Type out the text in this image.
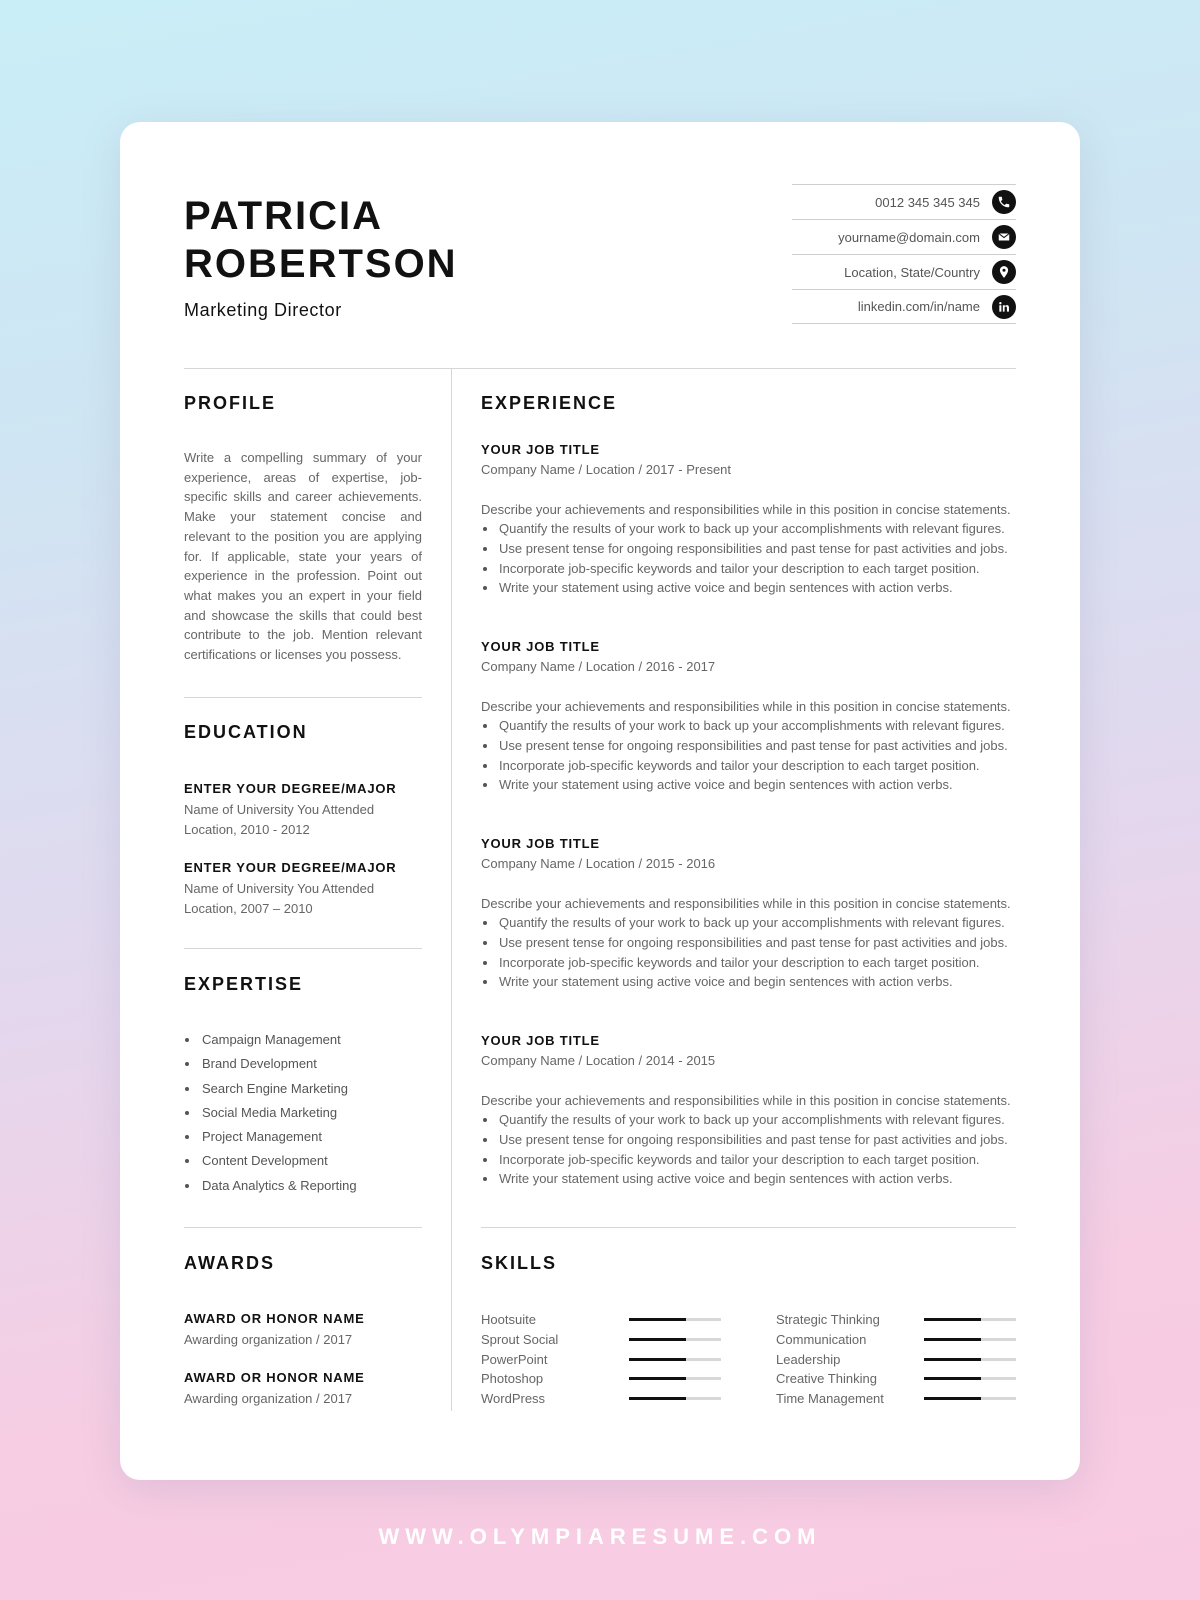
PATRICIA
ROBERTSON
Marketing Director
0012 345 345 345
yourname@domain.com
Location, State/Country
linkedin.com/in/name
PROFILE
Write a compelling summary of your experience, areas of expertise, job-specific skills and career achievements. Make your statement concise and relevant to the position you are applying for. If applicable, state your years of experience in the profession. Point out what makes you an expert in your field and showcase the skills that could best contribute to the job. Mention relevant certifications or licenses you possess.
EDUCATION
ENTER YOUR DEGREE/MAJOR
Name of University You Attended
Location, 2010 - 2012
ENTER YOUR DEGREE/MAJOR
Name of University You Attended
Location, 2007 – 2010
EXPERTISE
Campaign Management
Brand Development
Search Engine Marketing
Social Media Marketing
Project Management
Content Development
Data Analytics & Reporting
AWARDS
AWARD OR HONOR NAME
Awarding organization / 2017
AWARD OR HONOR NAME
Awarding organization / 2017
EXPERIENCE
YOUR JOB TITLE
Company Name / Location / 2017 - Present
Describe your achievements and responsibilities while in this position in concise statements.
Quantify the results of your work to back up your accomplishments with relevant figures.
Use present tense for ongoing responsibilities and past tense for past activities and jobs.
Incorporate job-specific keywords and tailor your description to each target position.
Write your statement using active voice and begin sentences with action verbs.
YOUR JOB TITLE
Company Name / Location / 2016 - 2017
Describe your achievements and responsibilities while in this position in concise statements.
Quantify the results of your work to back up your accomplishments with relevant figures.
Use present tense for ongoing responsibilities and past tense for past activities and jobs.
Incorporate job-specific keywords and tailor your description to each target position.
Write your statement using active voice and begin sentences with action verbs.
YOUR JOB TITLE
Company Name / Location / 2015 - 2016
Describe your achievements and responsibilities while in this position in concise statements.
Quantify the results of your work to back up your accomplishments with relevant figures.
Use present tense for ongoing responsibilities and past tense for past activities and jobs.
Incorporate job-specific keywords and tailor your description to each target position.
Write your statement using active voice and begin sentences with action verbs.
YOUR JOB TITLE
Company Name / Location / 2014 - 2015
Describe your achievements and responsibilities while in this position in concise statements.
Quantify the results of your work to back up your accomplishments with relevant figures.
Use present tense for ongoing responsibilities and past tense for past activities and jobs.
Incorporate job-specific keywords and tailor your description to each target position.
Write your statement using active voice and begin sentences with action verbs.
SKILLS
Hootsuite
Sprout Social
PowerPoint
Photoshop
WordPress
Strategic Thinking
Communication
Leadership
Creative Thinking
Time Management
WWW.OLYMPIARESUME.COM
